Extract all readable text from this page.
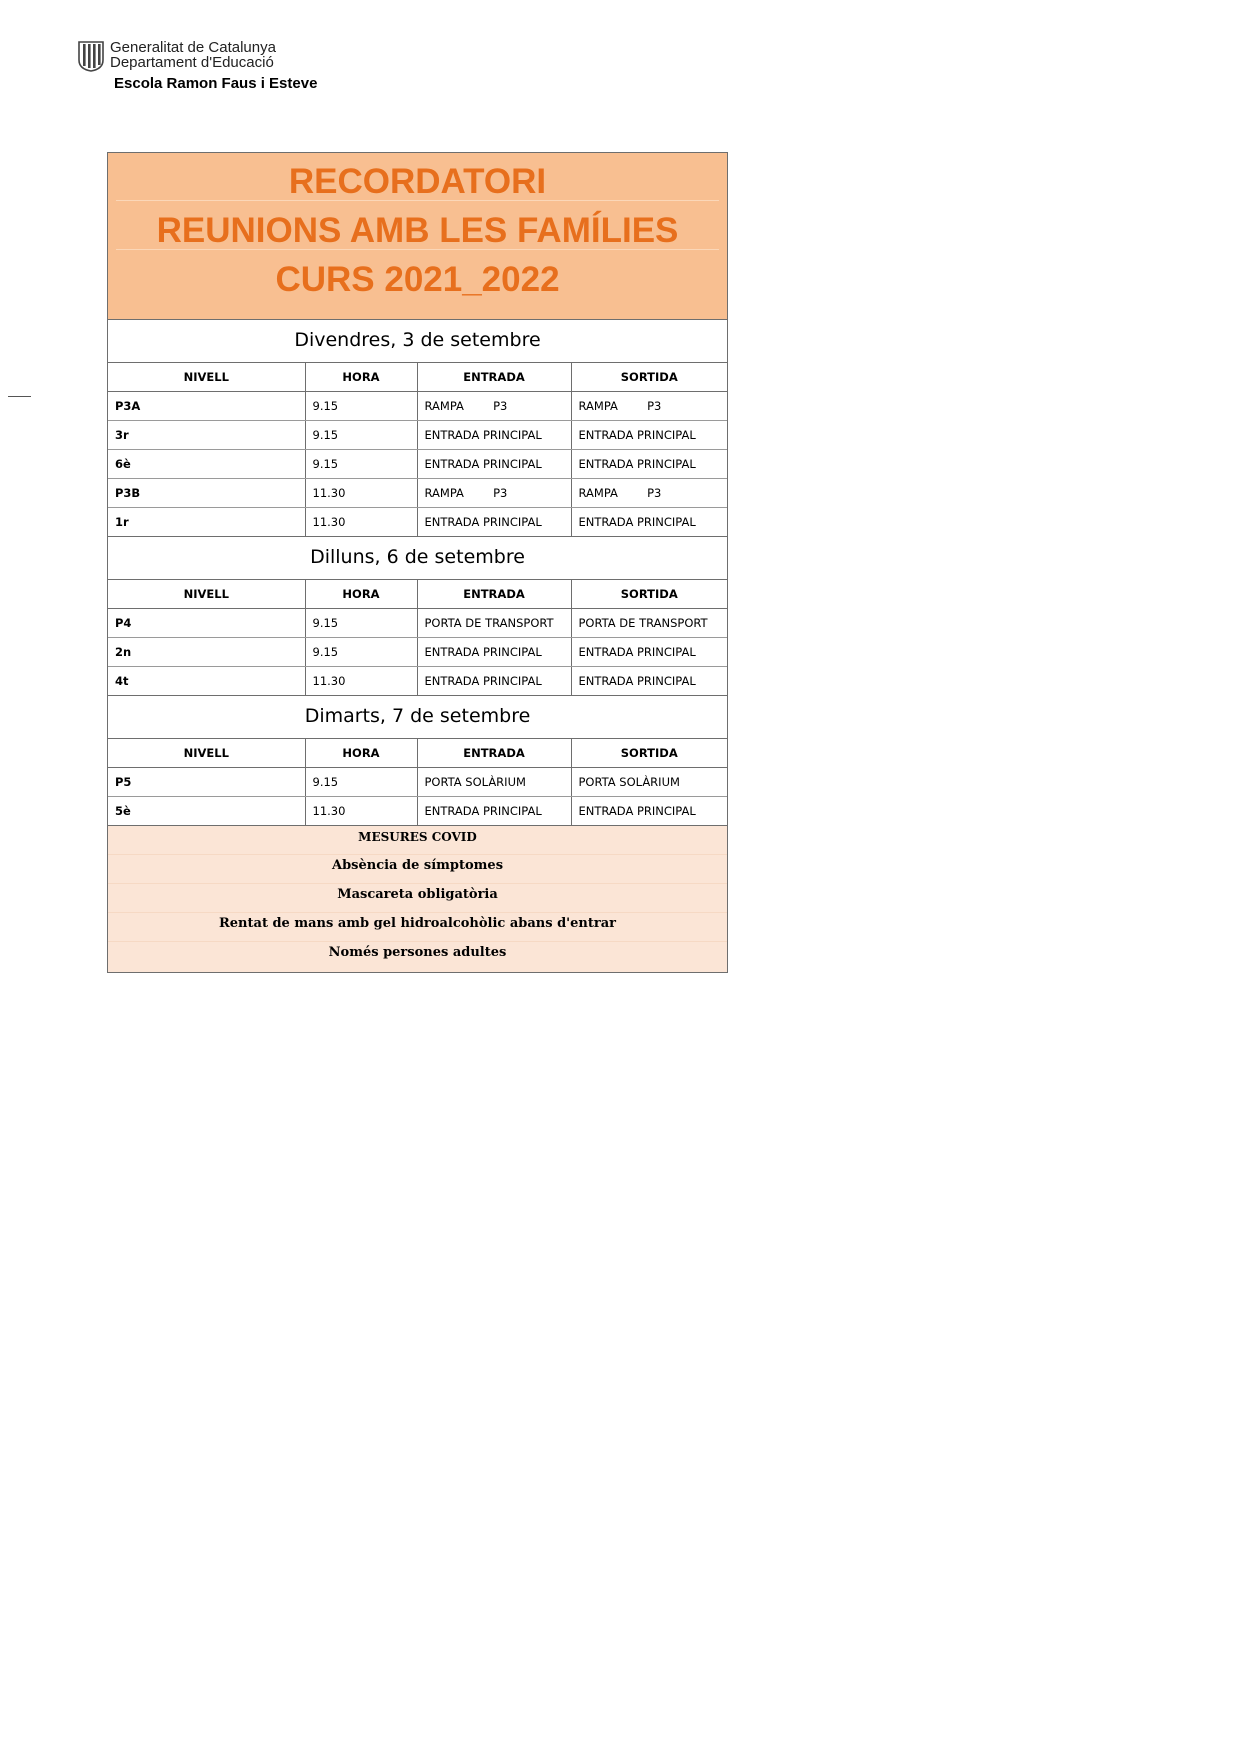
Generalitat de Catalunya
Departament d'Educació
Escola Ramon Faus i Esteve
RECORDATORI
REUNIONS AMB LES FAMÍLIES
CURS 2021_2022
Divendres, 3 de setembre
NIVELL	HORA	ENTRADA	SORTIDA
P3A	9.15	RAMPA        P3	RAMPA        P3
3r	9.15	ENTRADA PRINCIPAL	ENTRADA PRINCIPAL
6è	9.15	ENTRADA PRINCIPAL	ENTRADA PRINCIPAL
P3B	11.30	RAMPA        P3	RAMPA        P3
1r	11.30	ENTRADA PRINCIPAL	ENTRADA PRINCIPAL
Dilluns, 6 de setembre
NIVELL	HORA	ENTRADA	SORTIDA
P4	9.15	PORTA DE TRANSPORT	PORTA DE TRANSPORT
2n	9.15	ENTRADA PRINCIPAL	ENTRADA PRINCIPAL
4t	11.30	ENTRADA PRINCIPAL	ENTRADA PRINCIPAL
Dimarts, 7 de setembre
NIVELL	HORA	ENTRADA	SORTIDA
P5	9.15	PORTA SOLÀRIUM	PORTA SOLÀRIUM
5è	11.30	ENTRADA PRINCIPAL	ENTRADA PRINCIPAL
MESURES COVID
Absència de símptomes
Mascareta obligatòria
Rentat de mans amb gel hidroalcohòlic abans d'entrar
Només persones adultes
